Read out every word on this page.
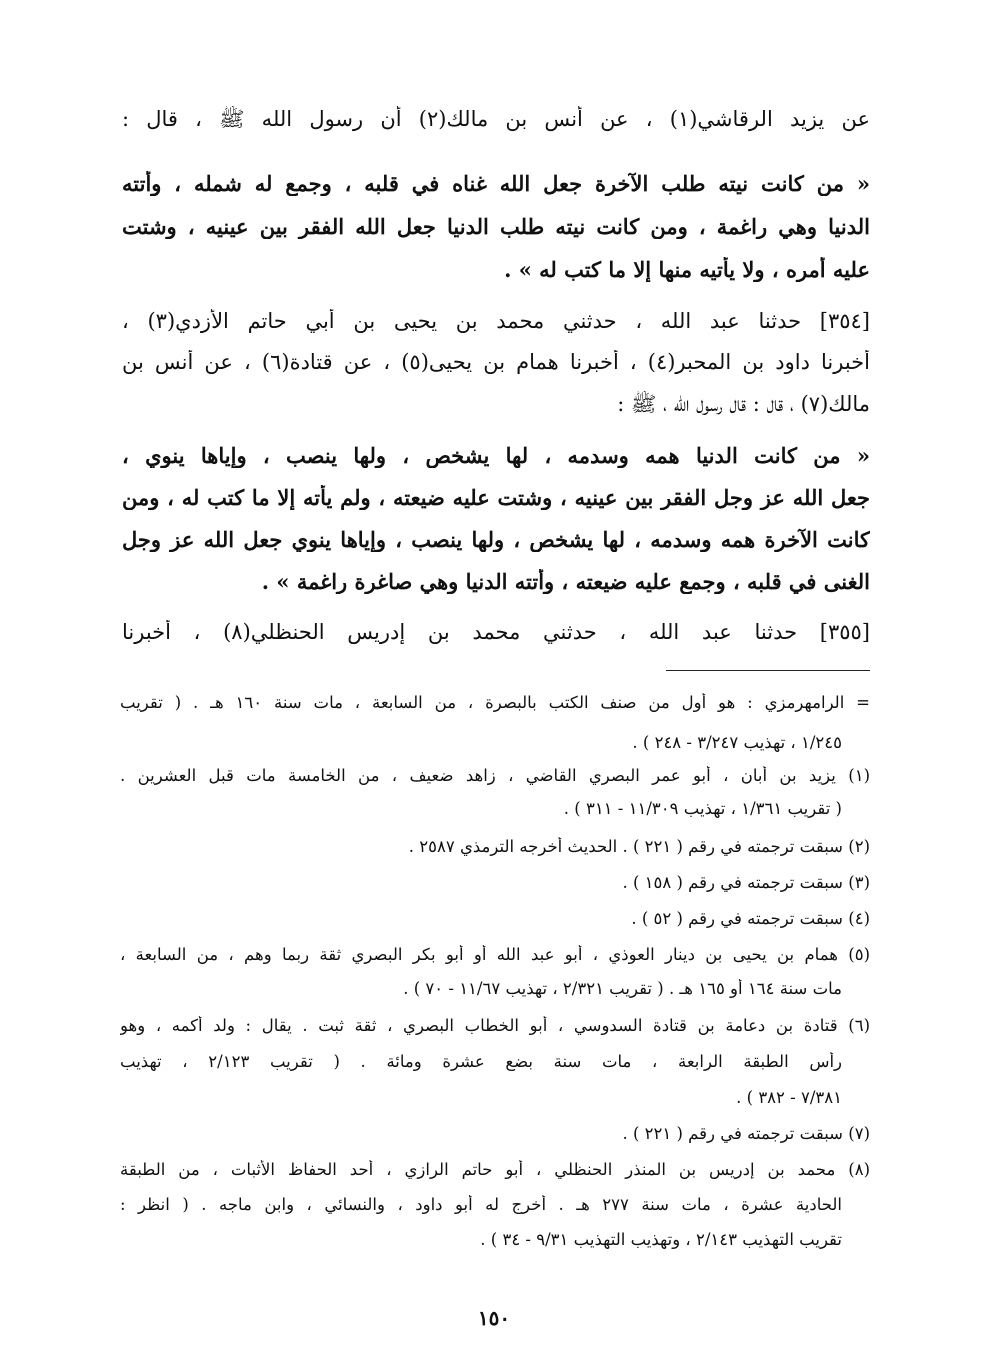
عن يزيد الرقاشي(١) ، عن أنس بن مالك(٢) أن رسول الله ﷺ ، قال :
« من كانت نيته طلب الآخرة جعل الله غناه في قلبه ، وجمع له شمله ، وأتته
الدنيا وهي راغمة ، ومن كانت نيته طلب الدنيا جعل الله الفقر بين عينيه ، وشتت
عليه أمره ، ولا يأتيه منها إلا ما كتب له » .
[٣٥٤] حدثنا عبد الله ، حدثني محمد بن يحيى بن أبي حاتم الأزدي(٣) ،
أخبرنا داود بن المحبر(٤) ، أخبرنا همام بن يحيى(٥) ، عن قتادة(٦) ، عن أنس بن
مالك(٧) ، قال : قال رسول الله ، ﷺ :
« من كانت الدنيا همه وسدمه ، لها يشخص ، ولها ينصب ، وإياها ينوي ،
جعل الله عز وجل الفقر بين عينيه ، وشتت عليه ضيعته ، ولم يأته إلا ما كتب له ، ومن
كانت الآخرة همه وسدمه ، لها يشخص ، ولها ينصب ، وإياها ينوي جعل الله عز وجل
الغنى في قلبه ، وجمع عليه ضيعته ، وأتته الدنيا وهي صاغرة راغمة » .
[٣٥٥] حدثنا عبد الله ، حدثني محمد بن إدريس الحنظلي(٨) ، أخبرنا
= الرامهرمزي : هو أول من صنف الكتب بالبصرة ، من السابعة ، مات سنة ١٦٠ هـ . ( تقريب
١/٢٤٥ ، تهذيب ٣/٢٤٧ - ٢٤٨ ) .
(١) يزيد بن أبان ، أبو عمر البصري القاضي ، زاهد ضعيف ، من الخامسة مات قبل العشرين .
( تقريب ١/٣٦١ ، تهذيب ١١/٣٠٩ - ٣١١ ) .
(٢) سبقت ترجمته في رقم ( ٢٢١ ) . الحديث أخرجه الترمذي ٢٥٨٧ .
(٣) سبقت ترجمته في رقم ( ١٥٨ ) .
(٤) سبقت ترجمته في رقم ( ٥٢ ) .
(٥) همام بن يحيى بن دينار العوذي ، أبو عبد الله أو أبو بكر البصري ثقة ربما وهم ، من السابعة ،
مات سنة ١٦٤ أو ١٦٥ هـ . ( تقريب ٢/٣٢١ ، تهذيب ١١/٦٧ - ٧٠ ) .
(٦) قتادة بن دعامة بن قتادة السدوسي ، أبو الخطاب البصري ، ثقة ثبت . يقال : ولد أكمه ، وهو
رأس الطبقة الرابعة ، مات سنة بضع عشرة ومائة . ( تقريب ٢/١٢٣ ، تهذيب
٧/٣٨١ - ٣٨٢ ) .
(٧) سبقت ترجمته في رقم ( ٢٢١ ) .
(٨) محمد بن إدريس بن المنذر الحنظلي ، أبو حاتم الرازي ، أحد الحفاظ الأثبات ، من الطبقة
الحادية عشرة ، مات سنة ٢٧٧ هـ . أخرج له أبو داود ، والنسائي ، وابن ماجه . ( انظر :
تقريب التهذيب ٢/١٤٣ ، وتهذيب التهذيب ٩/٣١ - ٣٤ ) .
١٥٠
